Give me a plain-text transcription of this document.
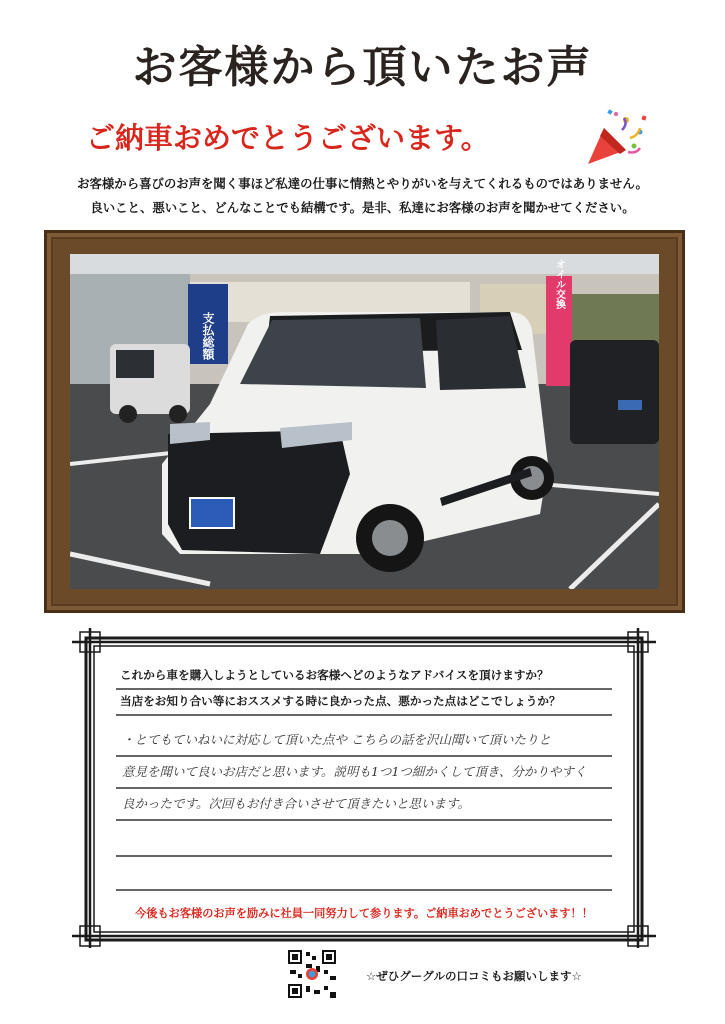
お客様から頂いたお声
ご納車おめでとうございます。
お客様から喜びのお声を聞く事ほど私達の仕事に情熱とやりがいを与えてくれるものではありません。
良いこと、悪いこと、どんなことでも結構です。是非、私達にお客様のお声を聞かせてください。
支払総額
オイル交換
これから車を購入しようとしているお客様へどのようなアドバイスを頂けますか？
当店をお知り合い等におススメする時に良かった点、悪かった点はどこでしょうか？
・とてもていねいに対応して頂いた点や こちらの話を沢山聞いて頂いたりと
意見を聞いて良いお店だと思います。説明も1つ1つ細かくして頂き、分かりやすく
良かったです。次回もお付き合いさせて頂きたいと思います。
今後もお客様のお声を励みに社員一同努力して参ります。ご納車おめでとうございます！！
☆ぜひグーグルの口コミもお願いします☆
